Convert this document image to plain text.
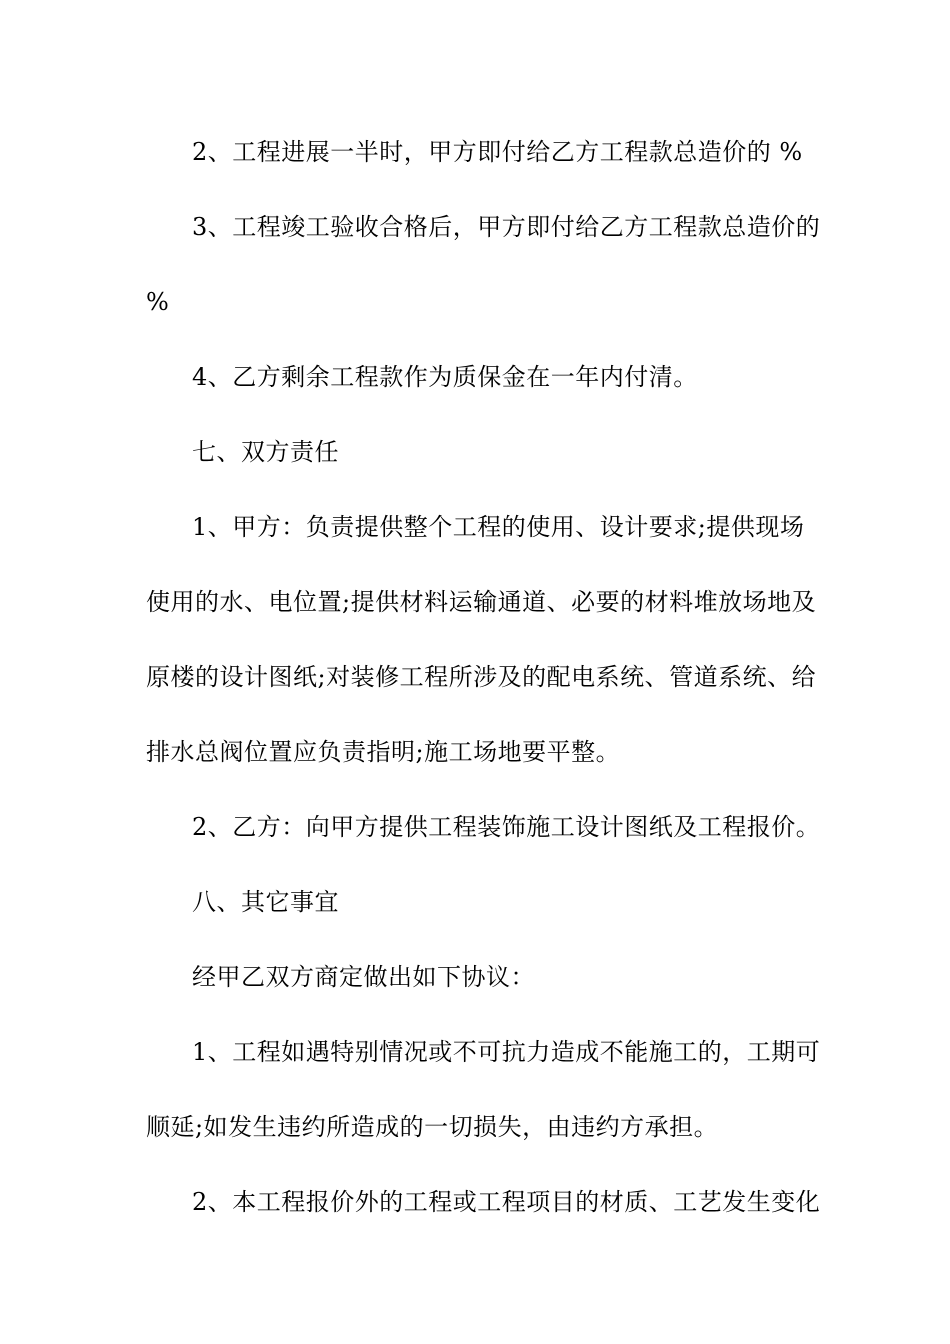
2、工程进展一半时，甲方即付给乙方工程款总造价的 %
3、工程竣工验收合格后，甲方即付给乙方工程款总造价的
%
4、乙方剩余工程款作为质保金在一年内付清。
七、双方责任
1、甲方：负责提供整个工程的使用、设计要求;提供现场
使用的水、电位置;提供材料运输通道、必要的材料堆放场地及
原楼的设计图纸;对装修工程所涉及的配电系统、管道系统、给
排水总阀位置应负责指明;施工场地要平整。
2、乙方：向甲方提供工程装饰施工设计图纸及工程报价。
八、其它事宜
经甲乙双方商定做出如下协议：
1、工程如遇特别情况或不可抗力造成不能施工的，工期可
顺延;如发生违约所造成的一切损失，由违约方承担。
2、本工程报价外的工程或工程项目的材质、工艺发生变化
